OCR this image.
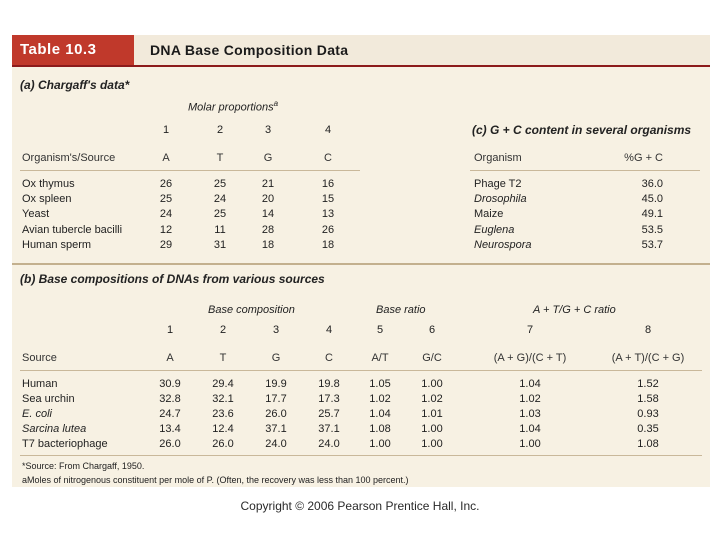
Table 10.3	DNA Base Composition Data
(a) Chargaff's data*
Molar proportions$^a$
1	2	3	4
Organism's/Source	A	T	G	C
Ox thymus	26	25	21	16
Ox spleen	25	24	20	15
Yeast	24	25	14	13
Avian tubercle bacilli	12	11	28	26
Human sperm	29	31	18	18
(c) G + C content in several organisms
Organism	%G + C
Phage T2	36.0
Drosophila	45.0
Maize	49.1
Euglena	53.5
Neurospora	53.7
(b) Base compositions of DNAs from various sources
Base composition	Base ratio	A + T/G + C ratio
1	2	3	4	5	6	7	8
Source	A	T	G	C	A/T	G/C	(A + G)/(C + T)	(A + T)/(C + G)
Human	30.9	29.4	19.9	19.8	1.05	1.00	1.04	1.52
Sea urchin	32.8	32.1	17.7	17.3	1.02	1.02	1.02	1.58
E. coli	24.7	23.6	26.0	25.7	1.04	1.01	1.03	0.93
Sarcina lutea	13.4	12.4	37.1	37.1	1.08	1.00	1.04	0.35
T7 bacteriophage	26.0	26.0	24.0	24.0	1.00	1.00	1.00	1.08
*Source: From Chargaff, 1950.
aMoles of nitrogenous constituent per mole of P. (Often, the recovery was less than 100 percent.)
Copyright © 2006 Pearson Prentice Hall, Inc.
